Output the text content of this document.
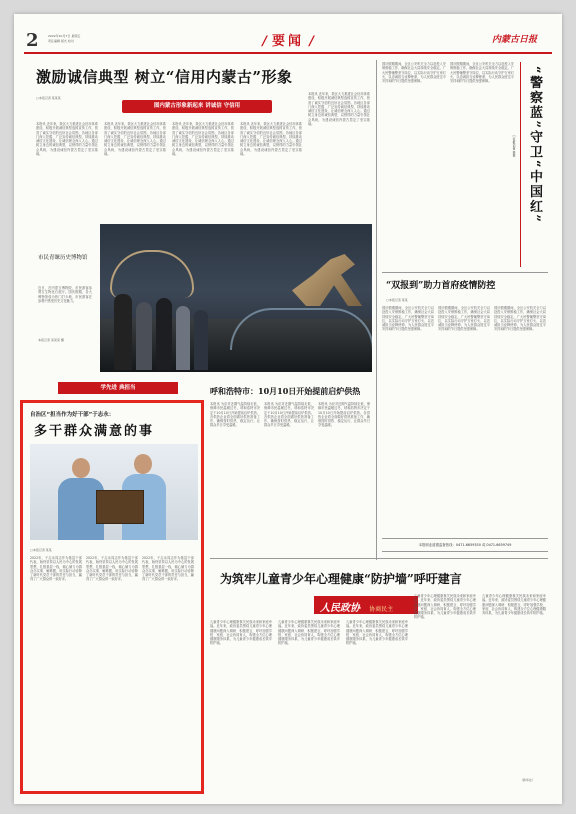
2	2022年10月7日 星期五
责任编辑 版式 校对	/ 要闻 /	内蒙古日报
激励诚信典型 树立“信用内蒙古”形象
□本报记者 某某某
图内蒙古形象新起来 讲诚信 守信用
本报讯 近年来，我区大力推进社会信用体系建设，积极开展诚信典型选树宣传工作，营造了诚实守信的良好社会氛围。各地区各部门深入挖掘、广泛宣传诚信典型，持续推动诚信文化建设，让诚信理念深入人心。通过树立身边的诚信典型，以榜样的力量引领社会风尚，为建设诚信内蒙古奠定了坚实基础。
本报讯 近年来，我区大力推进社会信用体系建设，积极开展诚信典型选树宣传工作，营造了诚实守信的良好社会氛围。各地区各部门深入挖掘、广泛宣传诚信典型，持续推动诚信文化建设，让诚信理念深入人心。通过树立身边的诚信典型，以榜样的力量引领社会风尚，为建设诚信内蒙古奠定了坚实基础。
本报讯 近年来，我区大力推进社会信用体系建设，积极开展诚信典型选树宣传工作，营造了诚实守信的良好社会氛围。各地区各部门深入挖掘、广泛宣传诚信典型，持续推动诚信文化建设，让诚信理念深入人心。通过树立身边的诚信典型，以榜样的力量引领社会风尚，为建设诚信内蒙古奠定了坚实基础。
本报讯 近年来，我区大力推进社会信用体系建设，积极开展诚信典型选树宣传工作，营造了诚实守信的良好社会氛围。各地区各部门深入挖掘、广泛宣传诚信典型，持续推动诚信文化建设，让诚信理念深入人心。通过树立身边的诚信典型，以榜样的力量引领社会风尚，为建设诚信内蒙古奠定了坚实基础。
本报讯 近年来，我区大力推进社会信用体系建设，积极开展诚信典型选树宣传工作，营造了诚实守信的良好社会氛围。各地区各部门深入挖掘、广泛宣传诚信典型，持续推动诚信文化建设，让诚信理念深入人心。通过树立身边的诚信典型，以榜样的力量引领社会风尚，为建设诚信内蒙古奠定了坚实基础。
市民青睐历史博物馆
近日，在内蒙古博物院，市民游客参观古生物化石展厅。国庆假期，各大博物馆成为热门打卡地，市民游客在参观中感受历史文化魅力。
本报记者 某某某 摄
国庆假期期间，全区公安机关全力以赴投入安保维稳工作，确保社会大局持续安全稳定。广大民警辅警坚守岗位，以实际行动守护万家灯火，以忠诚担当诠释使命，为人民群众度过平安祥和的节日提供坚强保障。
国庆假期期间，全区公安机关全力以赴投入安保维稳工作，确保社会大局持续安全稳定。广大民警辅警坚守岗位，以实际行动守护万家灯火，以忠诚担当诠释使命，为人民群众度过平安祥和的节日提供坚强保障。	“警察蓝”守卫“中国红”
□本报记者 某某
“双报到”助力首府疫情防控
□本报记者 某某
国庆假期期间，全区公安机关全力以赴投入安保维稳工作，确保社会大局持续安全稳定。广大民警辅警坚守岗位，以实际行动守护万家灯火，以忠诚担当诠释使命，为人民群众度过平安祥和的节日提供坚强保障。
国庆假期期间，全区公安机关全力以赴投入安保维稳工作，确保社会大局持续安全稳定。广大民警辅警坚守岗位，以实际行动守护万家灯火，以忠诚担当诠释使命，为人民群众度过平安祥和的节日提供坚强保障。
国庆假期期间，全区公安机关全力以赴投入安保维稳工作，确保社会大局持续安全稳定。广大民警辅警坚守岗位，以实际行动守护万家灯火，以忠诚担当诠释使命，为人民群众度过平安祥和的节日提供坚强保障。
本报职业道德监督热线：0471-6659350 或 0471-6659749
学先进 典担当
自治区“担当作为好干部”于志永：
多干群众满意的事
□本报记者 某某
2022年，于志永同志作为基层干部代表，始终坚持以人民为中心的发展思想，扎根基层一线，倾心倾力为群众办实事、解难题，用实际行动诠释了新时代党员干部的责任与担当，赢得了广大群众的一致好评。
2022年，于志永同志作为基层干部代表，始终坚持以人民为中心的发展思想，扎根基层一线，倾心倾力为群众办实事、解难题，用实际行动诠释了新时代党员干部的责任与担当，赢得了广大群众的一致好评。
2022年，于志永同志作为基层干部代表，始终坚持以人民为中心的发展思想，扎根基层一线，倾心倾力为群众办实事、解难题，用实际行动诠释了新时代党员干部的责任与担当，赢得了广大群众的一致好评。
呼和浩特市：10月10日开始提前启炉供热
本报讯 为应对近期气温持续走低，保障市民温暖过冬，呼和浩特市决定于10月10日开始提前启炉供热。各供热企业将全面做好供热准备工作，确保按时供热、稳定运行，让群众早日享受温暖。
本报讯 为应对近期气温持续走低，保障市民温暖过冬，呼和浩特市决定于10月10日开始提前启炉供热。各供热企业将全面做好供热准备工作，确保按时供热、稳定运行，让群众早日享受温暖。
本报讯 为应对近期气温持续走低，保障市民温暖过冬，呼和浩特市决定于10月10日开始提前启炉供热。各供热企业将全面做好供热准备工作，确保按时供热、稳定运行，让群众早日享受温暖。
为筑牢儿童青少年心理健康“防护墙”呼吁建言
人民政协 协商民主
儿童青少年心理健康事关民族未来和家庭幸福。近年来，政协委员围绕儿童青少年心理健康问题深入调研、积极建言，呼吁加强学校、家庭、社会协同育人，构建全方位心理健康服务体系，为儿童青少年健康成长筑牢防护墙。
儿童青少年心理健康事关民族未来和家庭幸福。近年来，政协委员围绕儿童青少年心理健康问题深入调研、积极建言，呼吁加强学校、家庭、社会协同育人，构建全方位心理健康服务体系，为儿童青少年健康成长筑牢防护墙。
儿童青少年心理健康事关民族未来和家庭幸福。近年来，政协委员围绕儿童青少年心理健康问题深入调研、积极建言，呼吁加强学校、家庭、社会协同育人，构建全方位心理健康服务体系，为儿童青少年健康成长筑牢防护墙。
儿童青少年心理健康事关民族未来和家庭幸福。近年来，政协委员围绕儿童青少年心理健康问题深入调研、积极建言，呼吁加强学校、家庭、社会协同育人，构建全方位心理健康服务体系，为儿童青少年健康成长筑牢防护墙。
儿童青少年心理健康事关民族未来和家庭幸福。近年来，政协委员围绕儿童青少年心理健康问题深入调研、积极建言，呼吁加强学校、家庭、社会协同育人，构建全方位心理健康服务体系，为儿童青少年健康成长筑牢防护墙。
（新华社）
